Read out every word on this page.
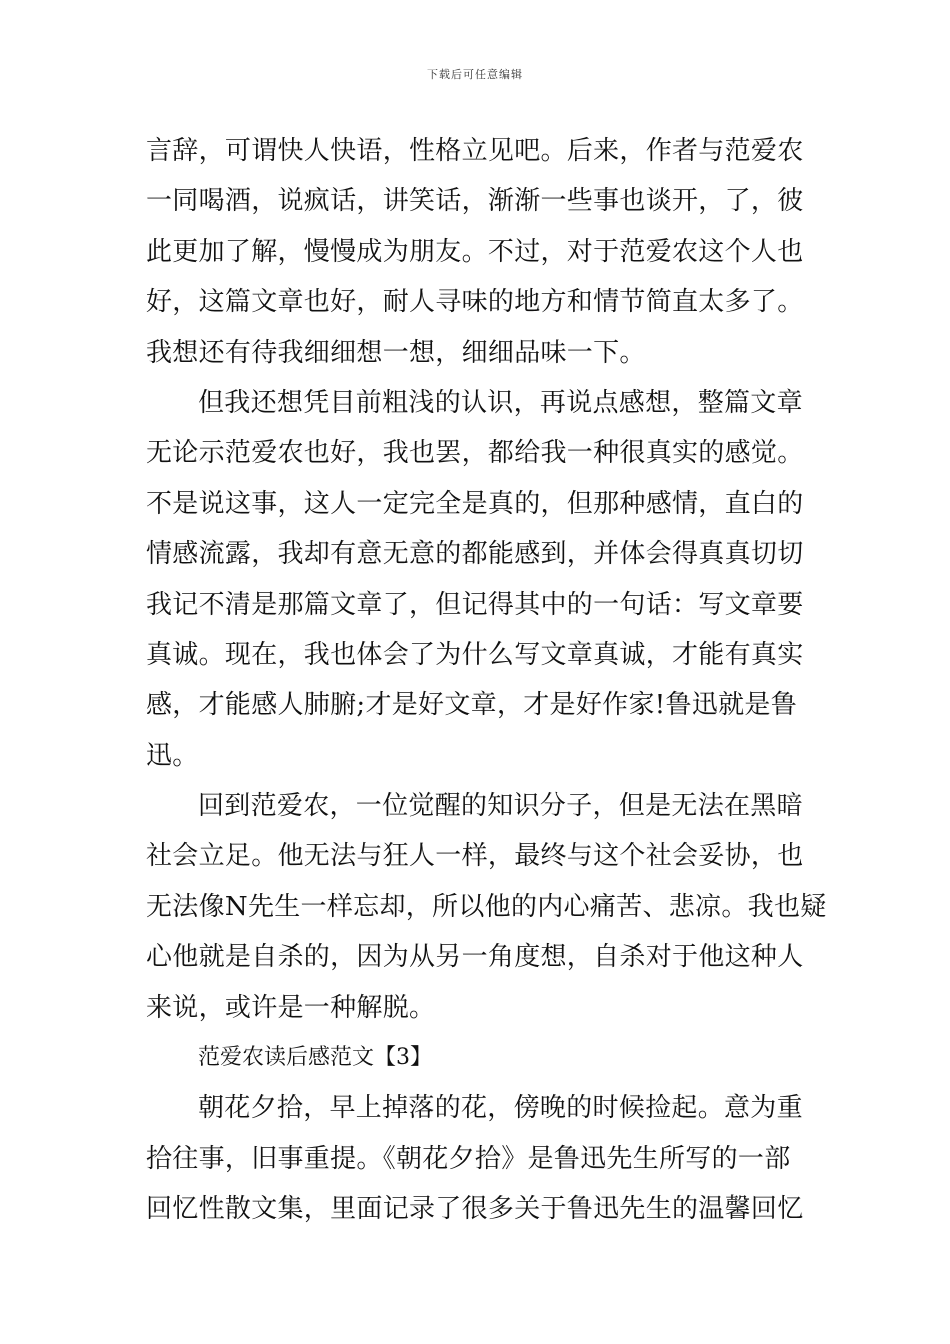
下载后可任意编辑
言辞，可谓快人快语，性格立见吧。后来，作者与范爱农
一同喝酒，说疯话，讲笑话，渐渐一些事也谈开，了，彼
此更加了解，慢慢成为朋友。不过，对于范爱农这个人也
好，这篇文章也好，耐人寻味的地方和情节简直太多了。
我想还有待我细细想一想，细细品味一下。
但我还想凭目前粗浅的认识，再说点感想，整篇文章
无论示范爱农也好，我也罢，都给我一种很真实的感觉。
不是说这事，这人一定完全是真的，但那种感情，直白的
情感流露，我却有意无意的都能感到，并体会得真真切切
我记不清是那篇文章了，但记得其中的一句话：写文章要
真诚。现在，我也体会了为什么写文章真诚，才能有真实
感，才能感人肺腑;才是好文章，才是好作家!鲁迅就是鲁
迅。
回到范爱农，一位觉醒的知识分子，但是无法在黑暗
社会立足。他无法与狂人一样，最终与这个社会妥协，也
无法像N先生一样忘却，所以他的内心痛苦、悲凉。我也疑
心他就是自杀的，因为从另一角度想，自杀对于他这种人
来说，或许是一种解脱。
范爱农读后感范文【3】
朝花夕拾，早上掉落的花，傍晚的时候捡起。意为重
拾往事，旧事重提。《朝花夕拾》是鲁迅先生所写的一部
回忆性散文集，里面记录了很多关于鲁迅先生的温馨回忆
